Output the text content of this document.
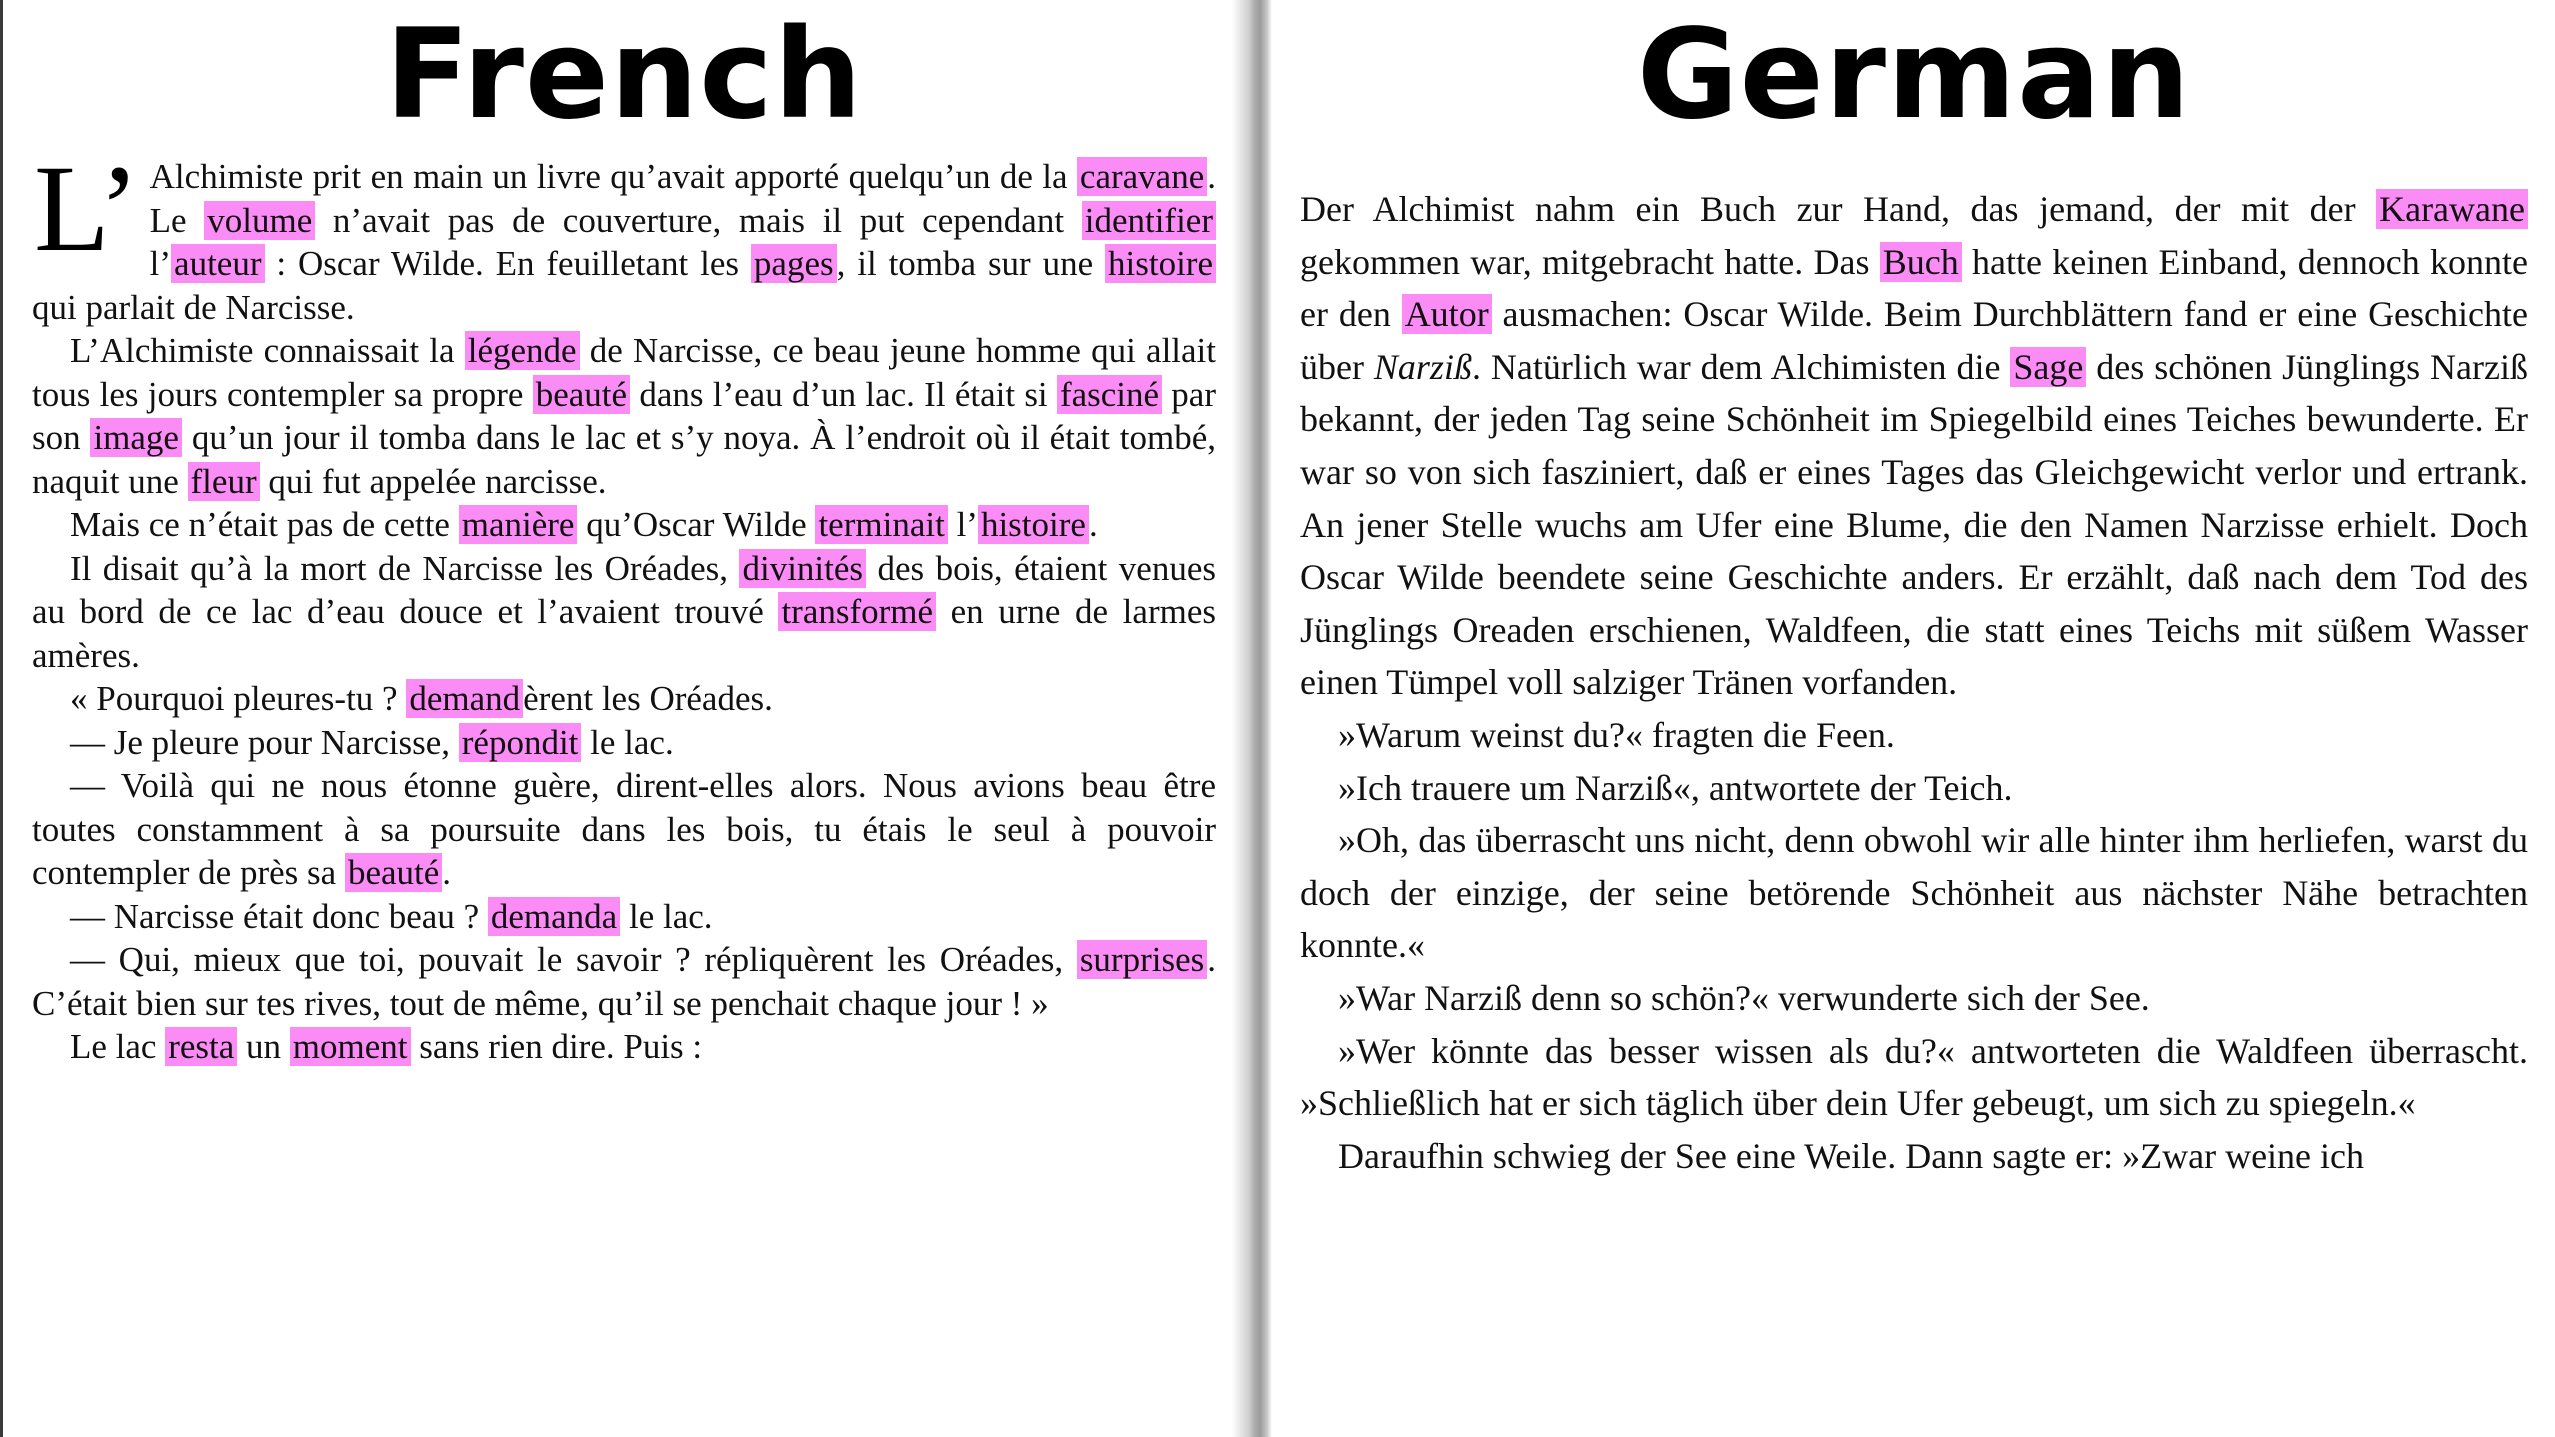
French

L’ Alchimiste prit en main un livre qu’avait apporté quelqu’un de la caravane. Le volume n’avait pas de couverture, mais il put cependant identifier l’auteur : Oscar Wilde. En feuilletant les pages, il tomba sur une histoire qui parlait de Narcisse.

L’Alchimiste connaissait la légende de Narcisse, ce beau jeune homme qui allait tous les jours contempler sa propre beauté dans l’eau d’un lac. Il était si fasciné par son image qu’un jour il tomba dans le lac et s’y noya. À l’endroit où il était tombé, naquit une fleur qui fut appelée narcisse.

Mais ce n’était pas de cette manière qu’Oscar Wilde terminait l’histoire.

Il disait qu’à la mort de Narcisse les Oréades, divinités des bois, étaient venues au bord de ce lac d’eau douce et l’avaient trouvé transformé en urne de larmes amères.

« Pourquoi pleures-tu ? demandèrent les Oréades.

— Je pleure pour Narcisse, répondit le lac.

— Voilà qui ne nous étonne guère, dirent-elles alors. Nous avions beau être toutes constamment à sa poursuite dans les bois, tu étais le seul à pouvoir contempler de près sa beauté.

— Narcisse était donc beau ? demanda le lac.

— Qui, mieux que toi, pouvait le savoir ? répliquèrent les Oréades, surprises. C’était bien sur tes rives, tout de même, qu’il se penchait chaque jour ! »

Le lac resta un moment sans rien dire. Puis :

German

Der Alchimist nahm ein Buch zur Hand, das jemand, der mit der Karawane gekommen war, mitgebracht hatte. Das Buch hatte keinen Einband, dennoch konnte er den Autor ausmachen: Oscar Wilde. Beim Durchblättern fand er eine Geschichte über Narziß. Natürlich war dem Alchimisten die Sage des schönen Jünglings Narziß bekannt, der jeden Tag seine Schönheit im Spiegelbild eines Teiches bewunderte. Er war so von sich fasziniert, daß er eines Tages das Gleichgewicht verlor und ertrank. An jener Stelle wuchs am Ufer eine Blume, die den Namen Narzisse erhielt. Doch Oscar Wilde beendete seine Geschichte anders. Er erzählt, daß nach dem Tod des Jünglings Oreaden erschienen, Waldfeen, die statt eines Teichs mit süßem Wasser einen Tümpel voll salziger Tränen vorfanden.

»Warum weinst du?« fragten die Feen.

»Ich trauere um Narziß«, antwortete der Teich.

»Oh, das überrascht uns nicht, denn obwohl wir alle hinter ihm herliefen, warst du doch der einzige, der seine betörende Schönheit aus nächster Nähe betrachten konnte.«

»War Narziß denn so schön?« verwunderte sich der See.

»Wer könnte das besser wissen als du?« antworteten die Waldfeen überrascht. »Schließlich hat er sich täglich über dein Ufer gebeugt, um sich zu spiegeln.«

Daraufhin schwieg der See eine Weile. Dann sagte er: »Zwar weine ich
